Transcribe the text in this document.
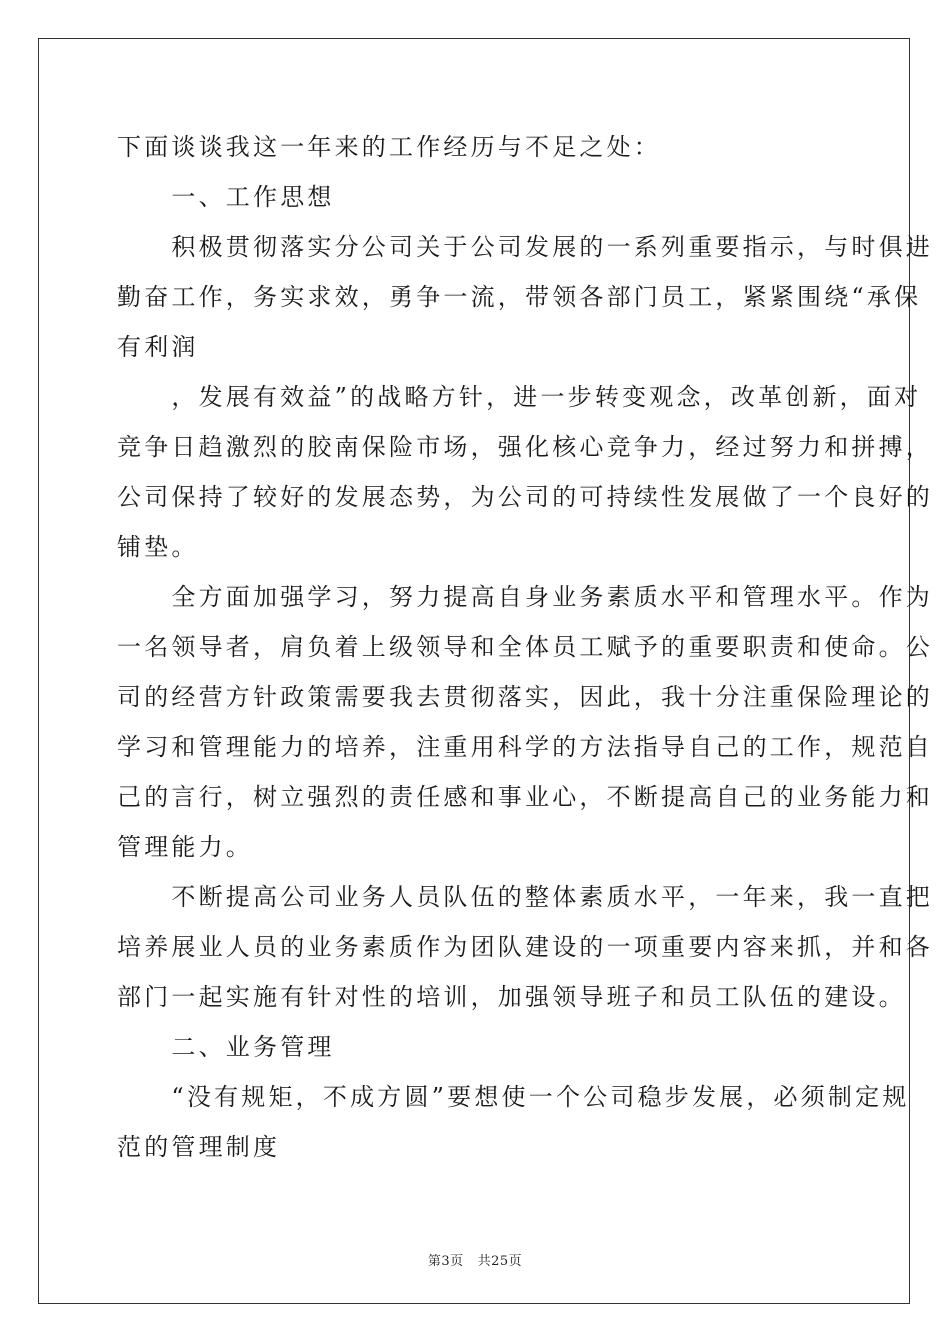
下面谈谈我这一年来的工作经历与不足之处：
　　一、工作思想
　　积极贯彻落实分公司关于公司发展的一系列重要指示，与时俱进
勤奋工作，务实求效，勇争一流，带领各部门员工，紧紧围绕“承保
有利润
　　，发展有效益”的战略方针，进一步转变观念，改革创新，面对
竞争日趋激烈的胶南保险市场，强化核心竞争力，经过努力和拼搏，
公司保持了较好的发展态势，为公司的可持续性发展做了一个良好的
铺垫。
　　全方面加强学习，努力提高自身业务素质水平和管理水平。作为
一名领导者，肩负着上级领导和全体员工赋予的重要职责和使命。公
司的经营方针政策需要我去贯彻落实，因此，我十分注重保险理论的
学习和管理能力的培养，注重用科学的方法指导自己的工作，规范自
己的言行，树立强烈的责任感和事业心，不断提高自己的业务能力和
管理能力。
　　不断提高公司业务人员队伍的整体素质水平，一年来，我一直把
培养展业人员的业务素质作为团队建设的一项重要内容来抓，并和各
部门一起实施有针对性的培训，加强领导班子和员工队伍的建设。
　　二、业务管理
　　“没有规矩，不成方圆”要想使一个公司稳步发展，必须制定规
范的管理制度
第3页 共25页
